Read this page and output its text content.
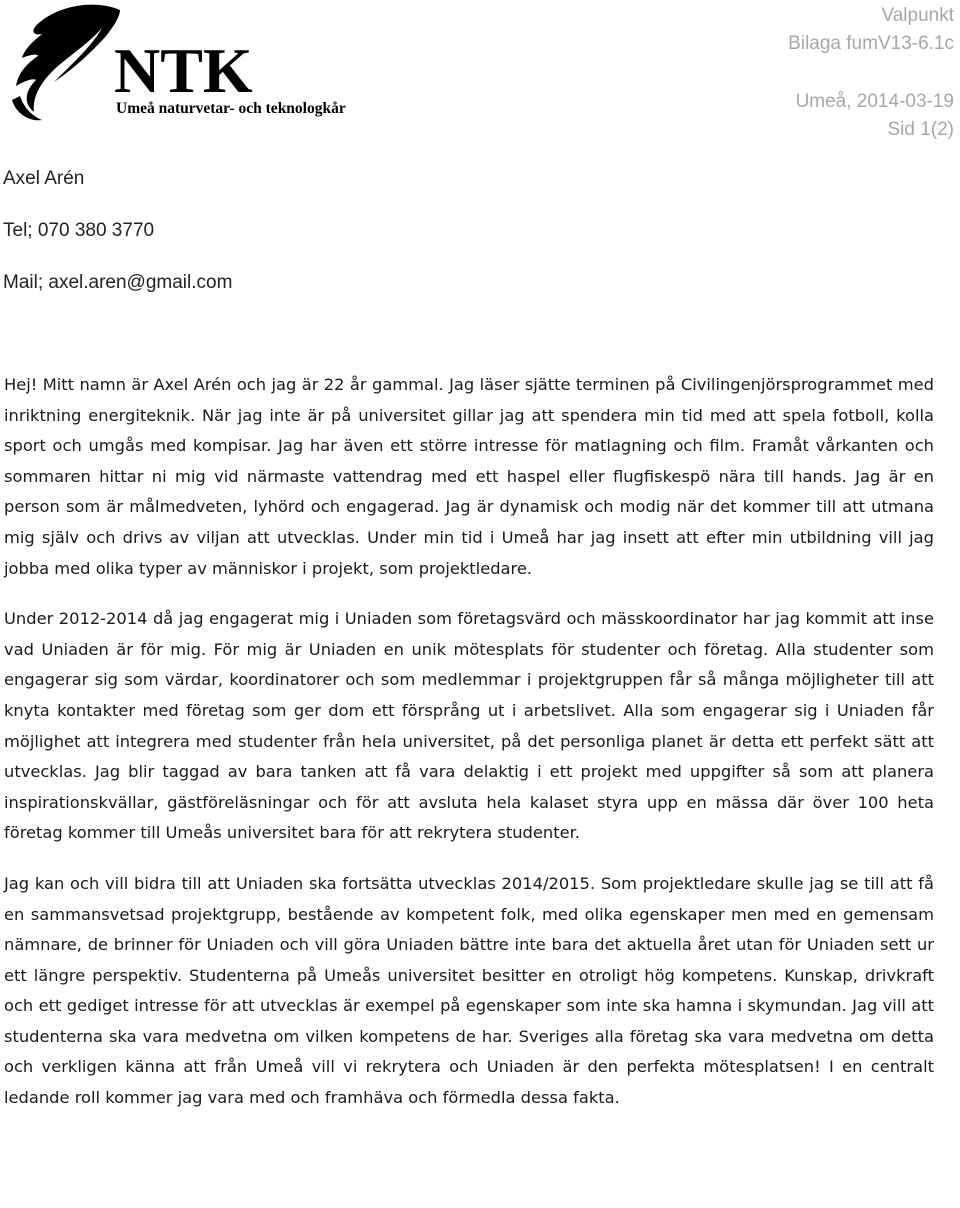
NTK
Umeå naturvetar- och teknologkår
Valpunkt
Bilaga fumV13-6.1c
Umeå, 2014-03-19
Sid 1(2)
Axel Arén
Tel; 070 380 3770
Mail; axel.aren@gmail.com

Hej! Mitt namn är Axel Arén och jag är 22 år gammal. Jag läser sjätte terminen på Civilingenjörsprogrammet med inriktning energiteknik. När jag inte är på universitet gillar jag att spendera min tid med att spela fotboll, kolla sport och umgås med kompisar. Jag har även ett större intresse för matlagning och film. Framåt vårkanten och sommaren hittar ni mig vid närmaste vattendrag med ett haspel eller flugfiskespö nära till hands. Jag är en person som är målmedveten, lyhörd och engagerad. Jag är dynamisk och modig när det kommer till att utmana mig själv och drivs av viljan att utvecklas. Under min tid i Umeå har jag insett att efter min utbildning vill jag jobba med olika typer av människor i projekt, som projektledare.

Under 2012-2014 då jag engagerat mig i Uniaden som företagsvärd och mässkoordinator har jag kommit att inse vad Uniaden är för mig. För mig är Uniaden en unik mötesplats för studenter och företag. Alla studenter som engagerar sig som värdar, koordinatorer och som medlemmar i projektgruppen får så många möjligheter till att knyta kontakter med företag som ger dom ett försprång ut i arbetslivet. Alla som engagerar sig i Uniaden får möjlighet att integrera med studenter från hela universitet, på det personliga planet är detta ett perfekt sätt att utvecklas. Jag blir taggad av bara tanken att få vara delaktig i ett projekt med uppgifter så som att planera inspirationskvällar, gästföreläsningar och för att avsluta hela kalaset styra upp en mässa där över 100 heta företag kommer till Umeås universitet bara för att rekrytera studenter.

Jag kan och vill bidra till att Uniaden ska fortsätta utvecklas 2014/2015. Som projektledare skulle jag se till att få en sammansvetsad projektgrupp, bestående av kompetent folk, med olika egenskaper men med en gemensam nämnare, de brinner för Uniaden och vill göra Uniaden bättre inte bara det aktuella året utan för Uniaden sett ur ett längre perspektiv. Studenterna på Umeås universitet besitter en otroligt hög kompetens. Kunskap, drivkraft och ett gediget intresse för att utvecklas är exempel på egenskaper som inte ska hamna i skymundan. Jag vill att studenterna ska vara medvetna om vilken kompetens de har. Sveriges alla företag ska vara medvetna om detta och verkligen känna att från Umeå vill vi rekrytera och Uniaden är den perfekta mötesplatsen! I en centralt ledande roll kommer jag vara med och framhäva och förmedla dessa fakta.
